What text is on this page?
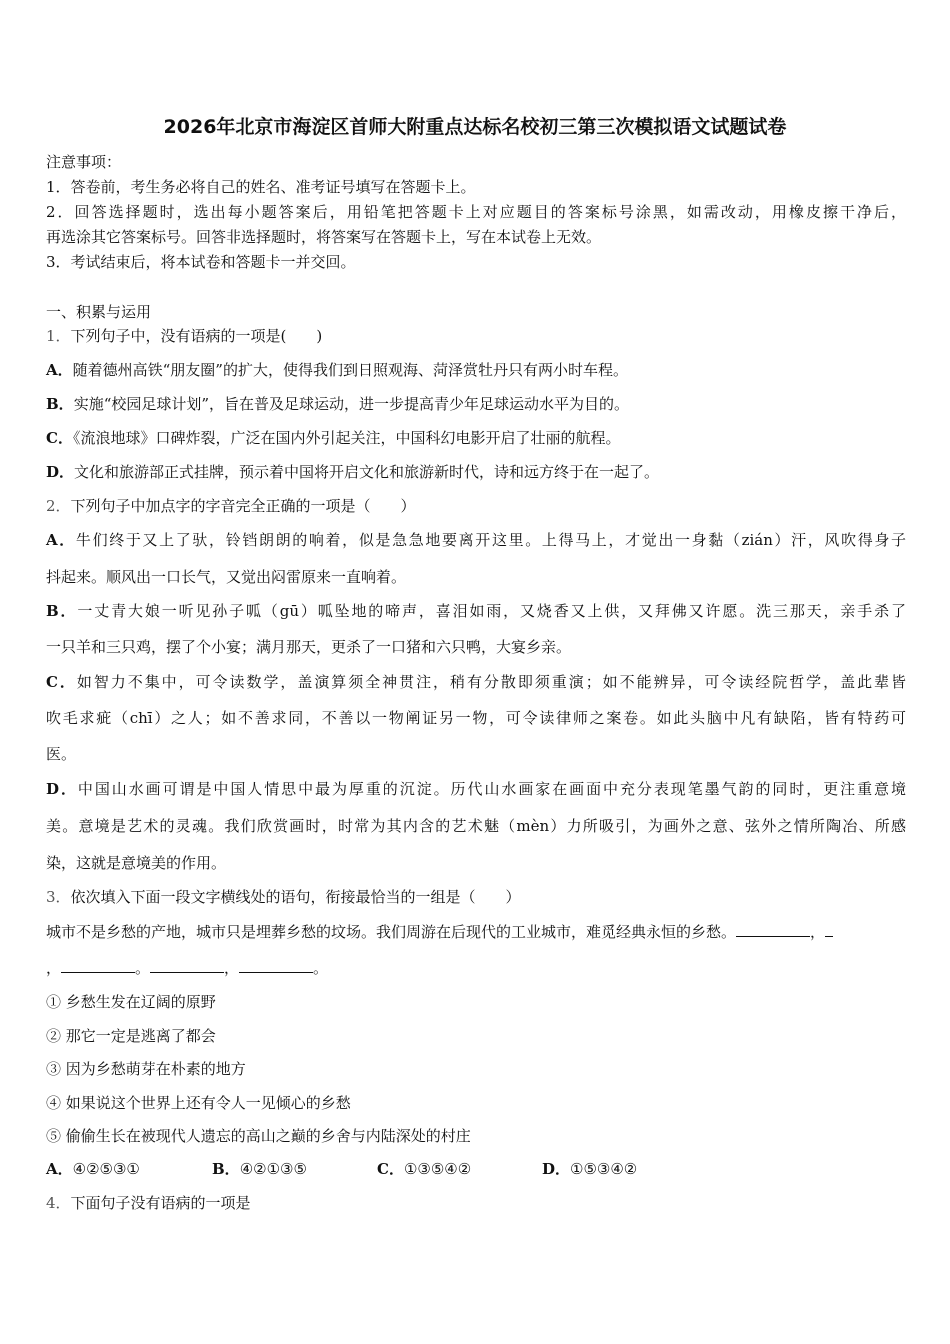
2026年北京市海淀区首师大附重点达标名校初三第三次模拟语文试题试卷
注意事项：
1．答卷前，考生务必将自己的姓名、准考证号填写在答题卡上。
2．回答选择题时，选出每小题答案后，用铅笔把答题卡上对应题目的答案标号涂黑，如需改动，用橡皮擦干净后，
再选涂其它答案标号。回答非选择题时，将答案写在答题卡上，写在本试卷上无效。
3．考试结束后，将本试卷和答题卡一并交回。
一、积累与运用
1．下列句子中，没有语病的一项是(　　)
A．随着德州高铁“朋友圈”的扩大，使得我们到日照观海、菏泽赏牡丹只有两小时车程。
B．实施“校园足球计划”，旨在普及足球运动，进一步提高青少年足球运动水平为目的。
C．《流浪地球》口碑炸裂，广泛在国内外引起关注，中国科幻电影开启了壮丽的航程。
D．文化和旅游部正式挂牌，预示着中国将开启文化和旅游新时代，诗和远方终于在一起了。
2．下列句子中加点字的字音完全正确的一项是（　　）
A．牛们终于又上了驮，铃铛朗朗的响着，似是急急地要离开这里。上得马上，才觉出一身黏（zián）汗，风吹得身子
抖起来。顺风出一口长气，又觉出闷雷原来一直响着。
B．一丈青大娘一听见孙子呱（gū）呱坠地的啼声，喜泪如雨，又烧香又上供，又拜佛又许愿。洗三那天，亲手杀了
一只羊和三只鸡，摆了个小宴；满月那天，更杀了一口猪和六只鸭，大宴乡亲。
C．如智力不集中，可令读数学，盖演算须全神贯注，稍有分散即须重演；如不能辨异，可令读经院哲学，盖此辈皆
吹毛求疵（chī）之人；如不善求同，不善以一物阐证另一物，可令读律师之案卷。如此头脑中凡有缺陷，皆有特药可
医。
D．中国山水画可谓是中国人情思中最为厚重的沉淀。历代山水画家在画面中充分表现笔墨气韵的同时，更注重意境
美。意境是艺术的灵魂。我们欣赏画时，时常为其内含的艺术魅（mèn）力所吸引，为画外之意、弦外之情所陶冶、所感
染，这就是意境美的作用。
3．依次填入下面一段文字横线处的语句，衔接最恰当的一组是（　　）
城市不是乡愁的产地，城市只是埋葬乡愁的坟场。我们周游在后现代的工业城市，难觅经典永恒的乡愁。	，
，	。	，	。
① 乡愁生发在辽阔的原野
② 那它一定是逃离了都会
③ 因为乡愁萌芽在朴素的地方
④ 如果说这个世界上还有令人一见倾心的乡愁
⑤ 偷偷生长在被现代人遗忘的高山之巅的乡舍与内陆深处的村庄
A．④②⑤③①	B．④②①③⑤	C．①③⑤④②	D．①⑤③④②
4．下面句子没有语病的一项是
